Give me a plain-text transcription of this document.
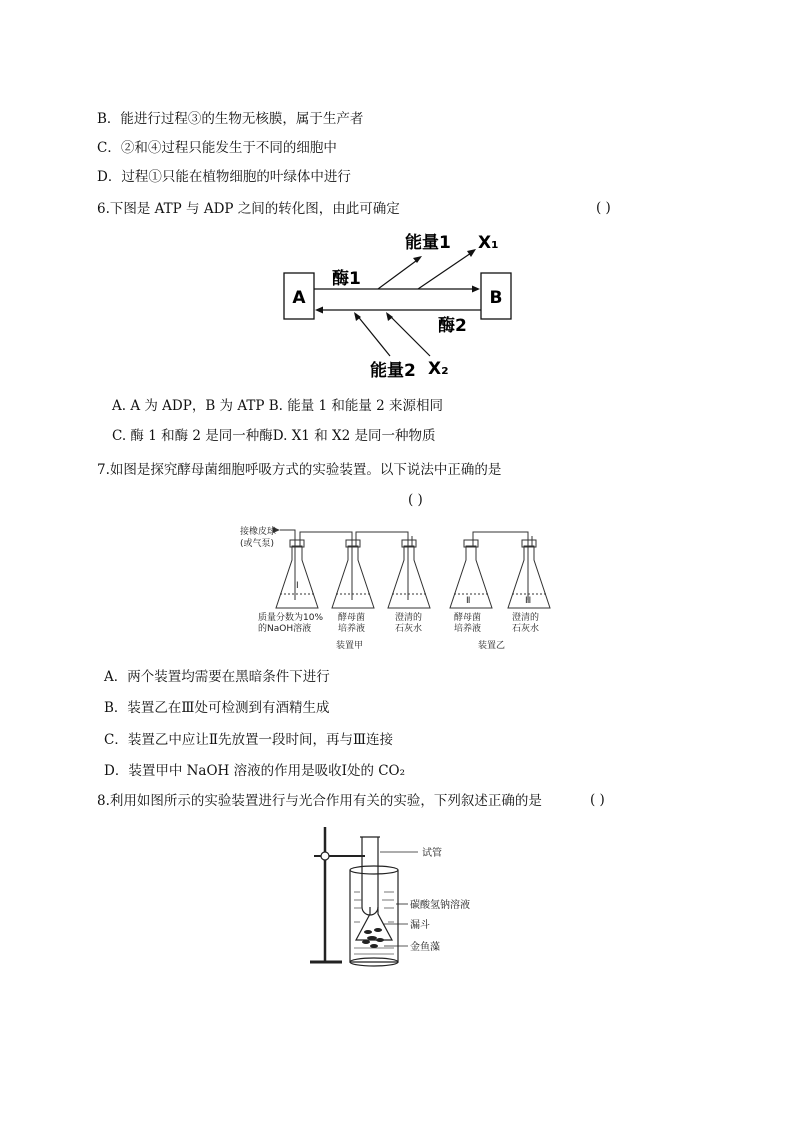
B．能进行过程③的生物无核膜，属于生产者
C．②和④过程只能发生于不同的细胞中
D．过程①只能在植物细胞的叶绿体中进行
6.下图是 ATP 与 ADP 之间的转化图，由此可确定	( )
A	B
酶1
酶2
能量1 X₁
能量2 X₂
A. A 为 ADP，B 为 ATP B. 能量 1 和能量 2 来源相同
C. 酶 1 和酶 2 是同一种酶D. X1 和 X2 是同一种物质
7.如图是探究酵母菌细胞呼吸方式的实验装置。以下说法中正确的是
( )
接橡皮球
(或气泵)
质量分数为10%
的NaOH溶液
酵母菌
培养液
澄清的
石灰水
酵母菌
培养液
澄清的
石灰水
Ⅰ
Ⅱ	Ⅲ
装置甲	装置乙
A．两个装置均需要在黑暗条件下进行
B．装置乙在Ⅲ处可检测到有酒精生成
C．装置乙中应让Ⅱ先放置一段时间，再与Ⅲ连接
D．装置甲中 NaOH 溶液的作用是吸收Ⅰ处的 CO₂
8.利用如图所示的实验装置进行与光合作用有关的实验，下列叙述正确的是	( )
试管
碳酸氢钠溶液
漏斗
金鱼藻
